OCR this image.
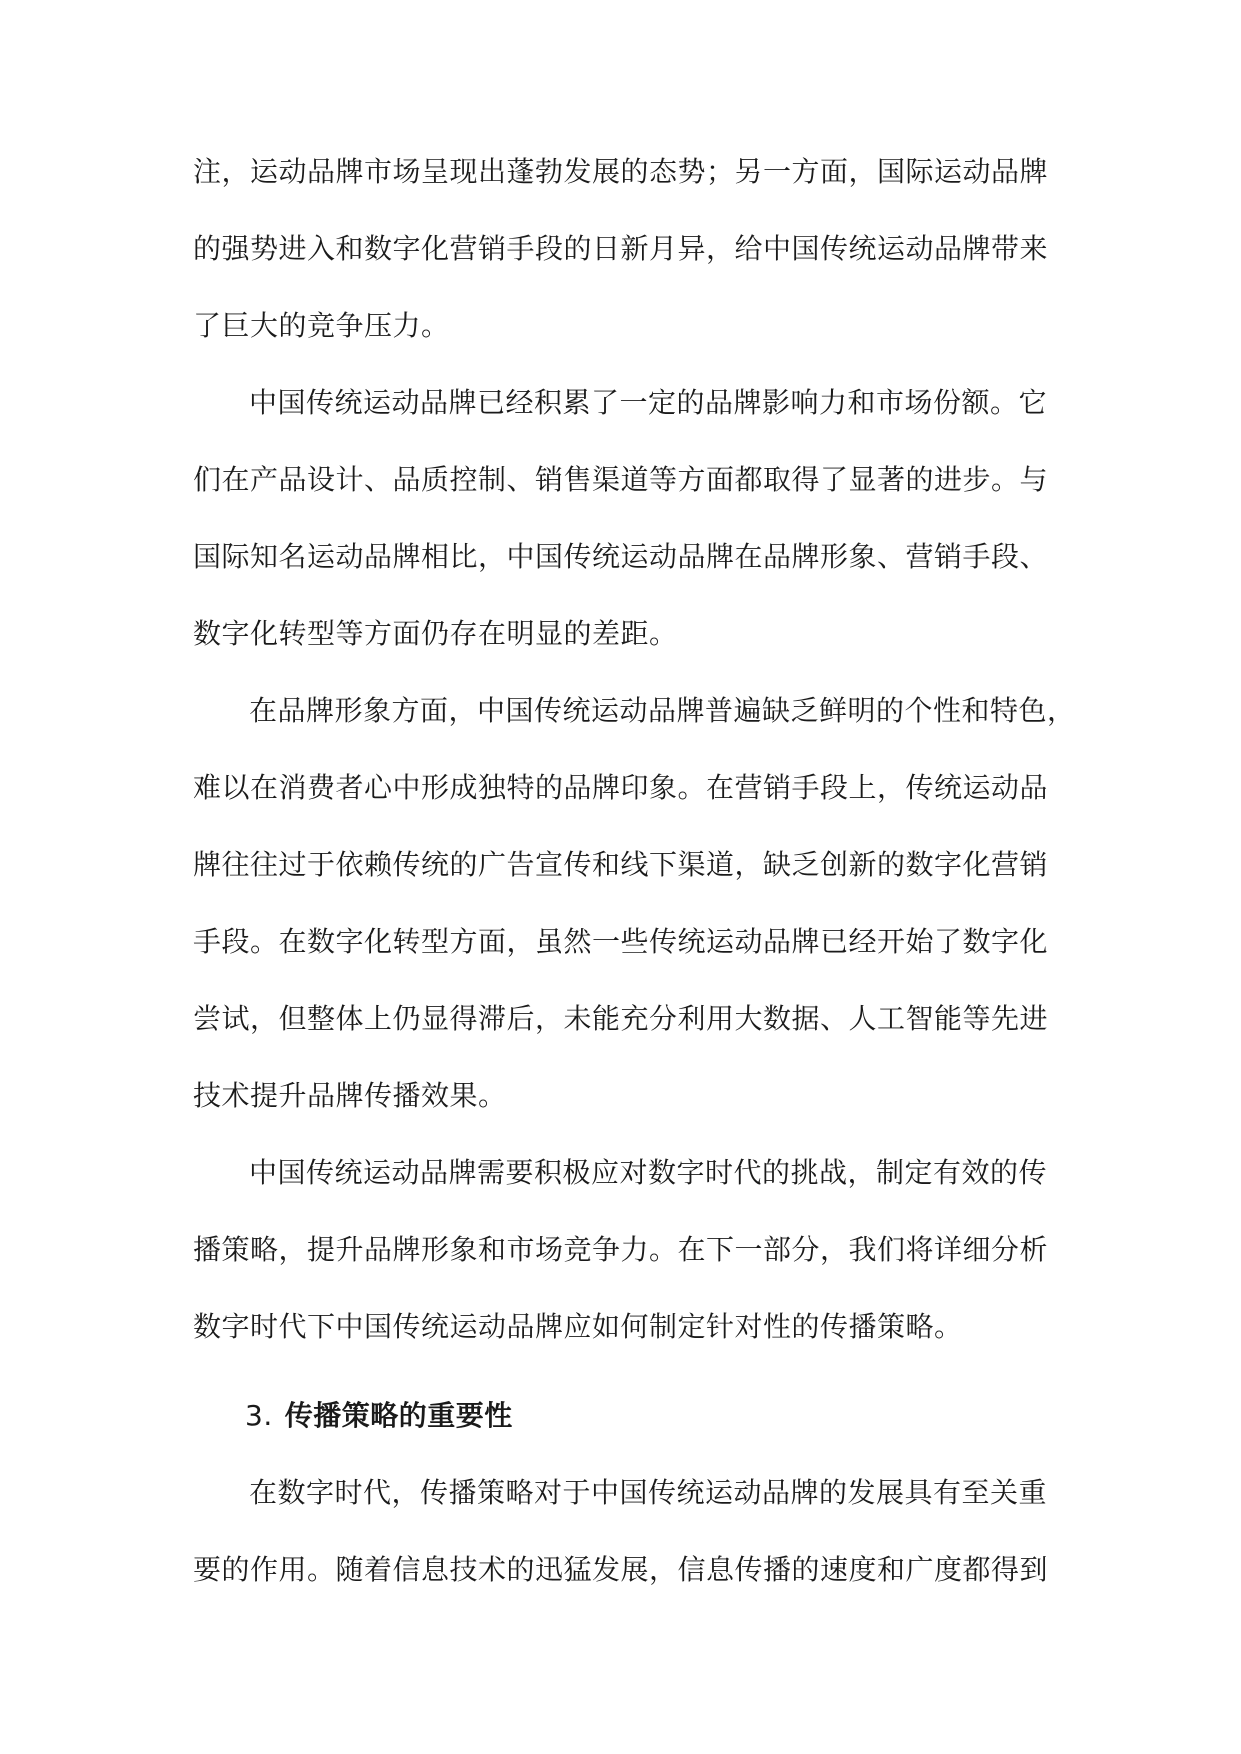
注，运动品牌市场呈现出蓬勃发展的态势；另一方面，国际运动品牌
的强势进入和数字化营销手段的日新月异，给中国传统运动品牌带来
了巨大的竞争压力。
中国传统运动品牌已经积累了一定的品牌影响力和市场份额。它
们在产品设计、品质控制、销售渠道等方面都取得了显著的进步。与
国际知名运动品牌相比，中国传统运动品牌在品牌形象、营销手段、
数字化转型等方面仍存在明显的差距。
在品牌形象方面，中国传统运动品牌普遍缺乏鲜明的个性和特色，
难以在消费者心中形成独特的品牌印象。在营销手段上，传统运动品
牌往往过于依赖传统的广告宣传和线下渠道，缺乏创新的数字化营销
手段。在数字化转型方面，虽然一些传统运动品牌已经开始了数字化
尝试，但整体上仍显得滞后，未能充分利用大数据、人工智能等先进
技术提升品牌传播效果。
中国传统运动品牌需要积极应对数字时代的挑战，制定有效的传
播策略，提升品牌形象和市场竞争力。在下一部分，我们将详细分析
数字时代下中国传统运动品牌应如何制定针对性的传播策略。
3. 传播策略的重要性
在数字时代，传播策略对于中国传统运动品牌的发展具有至关重
要的作用。随着信息技术的迅猛发展，信息传播的速度和广度都得到
